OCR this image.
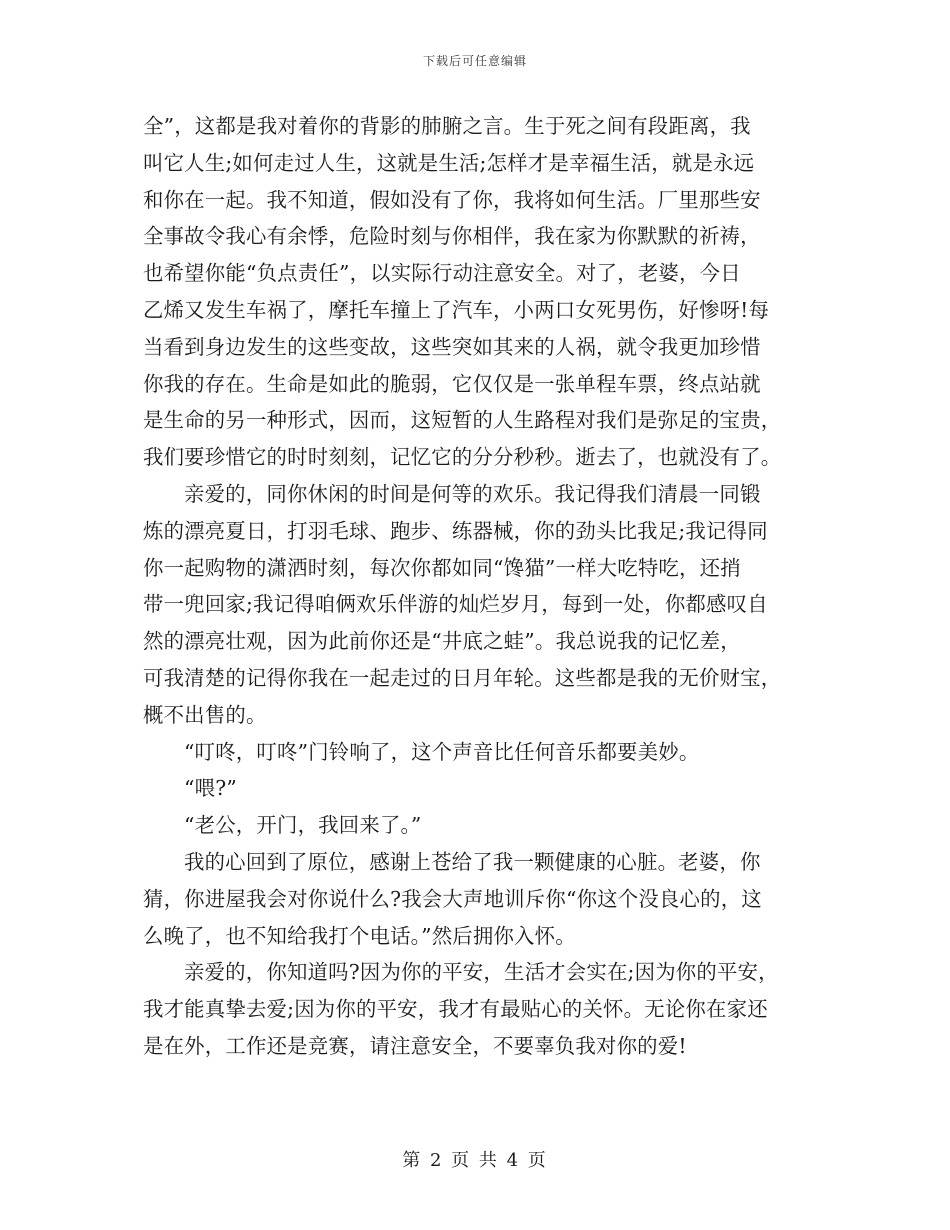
下载后可任意编辑
全”，这都是我对着你的背影的肺腑之言。生于死之间有段距离，我
叫它人生;如何走过人生，这就是生活;怎样才是幸福生活，就是永远
和你在一起。我不知道，假如没有了你，我将如何生活。厂里那些安
全事故令我心有余悸，危险时刻与你相伴，我在家为你默默的祈祷，
也希望你能“负点责任”，以实际行动注意安全。对了，老婆，今日
乙烯又发生车祸了，摩托车撞上了汽车，小两口女死男伤，好惨呀!每
当看到身边发生的这些变故，这些突如其来的人祸，就令我更加珍惜
你我的存在。生命是如此的脆弱，它仅仅是一张单程车票，终点站就
是生命的另一种形式，因而，这短暂的人生路程对我们是弥足的宝贵，
我们要珍惜它的时时刻刻，记忆它的分分秒秒。逝去了，也就没有了。
亲爱的，同你休闲的时间是何等的欢乐。我记得我们清晨一同锻
炼的漂亮夏日，打羽毛球、跑步、练器械，你的劲头比我足;我记得同
你一起购物的潇洒时刻，每次你都如同“馋猫”一样大吃特吃，还捎
带一兜回家;我记得咱俩欢乐伴游的灿烂岁月，每到一处，你都感叹自
然的漂亮壮观，因为此前你还是“井底之蛙”。我总说我的记忆差，
可我清楚的记得你我在一起走过的日月年轮。这些都是我的无价财宝，
概不出售的。
“叮咚，叮咚”门铃响了，这个声音比任何音乐都要美妙。
“喂?”
“老公，开门，我回来了。”
我的心回到了原位，感谢上苍给了我一颗健康的心脏。老婆，你
猜，你进屋我会对你说什么?我会大声地训斥你“你这个没良心的，这
么晚了，也不知给我打个电话。”然后拥你入怀。
亲爱的，你知道吗?因为你的平安，生活才会实在;因为你的平安，
我才能真挚去爱;因为你的平安，我才有最贴心的关怀。无论你在家还
是在外，工作还是竞赛，请注意安全，不要辜负我对你的爱!
第 2 页 共 4 页
